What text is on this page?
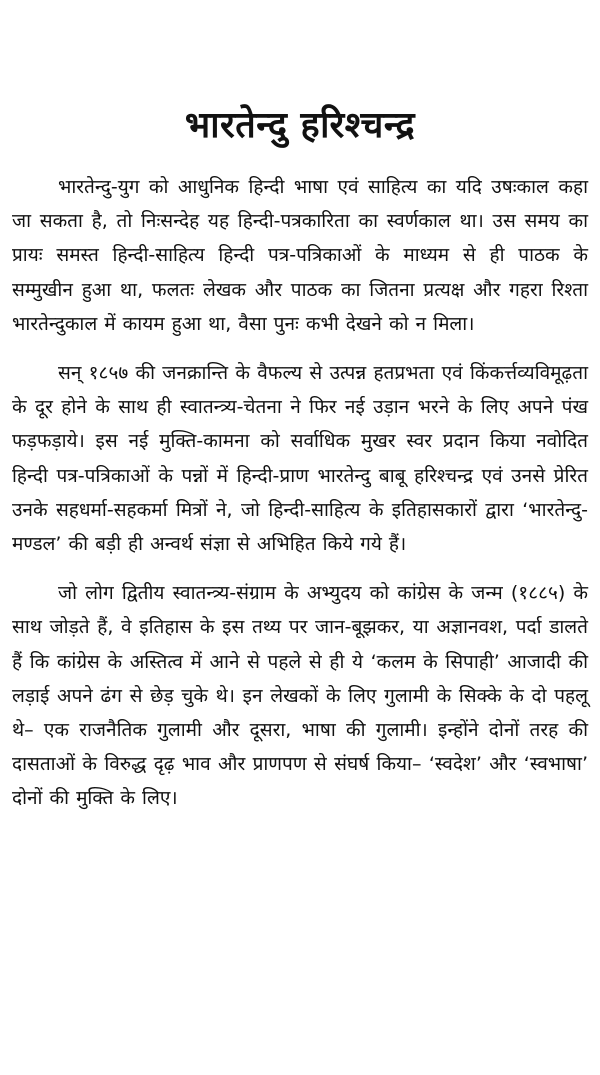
भारतेन्दु हरिश्चन्द्र

भारतेन्दु-युग को आधुनिक हिन्दी भाषा एवं साहित्य का यदि उषःकाल कहा जा सकता है, तो निःसन्देह यह हिन्दी-पत्रकारिता का स्वर्णकाल था। उस समय का प्रायः समस्त हिन्दी-साहित्य हिन्दी पत्र-पत्रिकाओं के माध्यम से ही पाठक के सम्मुखीन हुआ था, फलतः लेखक और पाठक का जितना प्रत्यक्ष और गहरा रिश्ता भारतेन्दुकाल में कायम हुआ था, वैसा पुनः कभी देखने को न मिला।

सन् १८५७ की जनक्रान्ति के वैफल्य से उत्पन्न हतप्रभता एवं किंकर्त्तव्यविमूढ़ता के दूर होने के साथ ही स्वातन्त्र्य-चेतना ने फिर नई उड़ान भरने के लिए अपने पंख फड़फड़ाये। इस नई मुक्ति-कामना को सर्वाधिक मुखर स्वर प्रदान किया नवोदित हिन्दी पत्र-पत्रिकाओं के पन्नों में हिन्दी-प्राण भारतेन्दु बाबू हरिश्चन्द्र एवं उनसे प्रेरित उनके सहधर्मा-सहकर्मा मित्रों ने, जो हिन्दी-साहित्य के इतिहासकारों द्वारा ‘भारतेन्दु-मण्डल’ की बड़ी ही अन्वर्थ संज्ञा से अभिहित किये गये हैं।

जो लोग द्वितीय स्वातन्त्र्य-संग्राम के अभ्युदय को कांग्रेस के जन्म (१८८५) के साथ जोड़ते हैं, वे इतिहास के इस तथ्य पर जान-बूझकर, या अज्ञानवश, पर्दा डालते हैं कि कांग्रेस के अस्तित्व में आने से पहले से ही ये ‘कलम के सिपाही’ आजादी की लड़ाई अपने ढंग से छेड़ चुके थे। इन लेखकों के लिए गुलामी के सिक्के के दो पहलू थे– एक राजनैतिक गुलामी और दूसरा, भाषा की गुलामी। इन्होंने दोनों तरह की दासताओं के विरुद्ध दृढ़ भाव और प्राणपण से संघर्ष किया– ‘स्वदेश’ और ‘स्वभाषा’ दोनों की मुक्ति के लिए।
